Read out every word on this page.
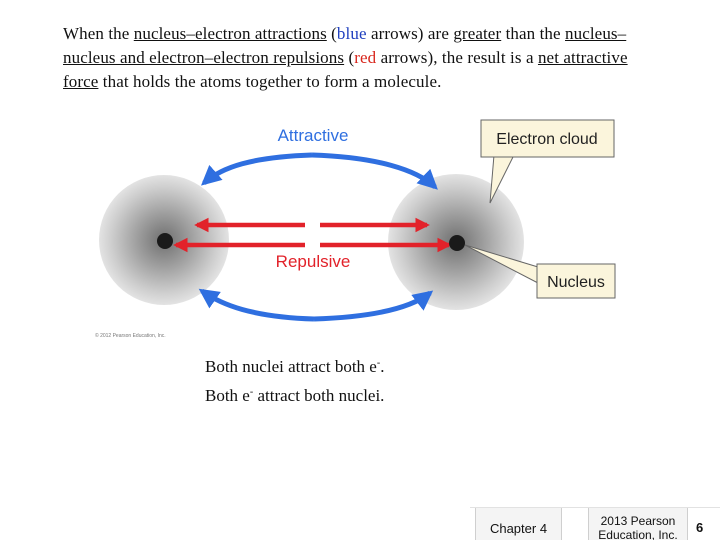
When the nucleus–electron attractions (blue arrows) are greater than the nucleus–nucleus and electron–electron repulsions (red arrows), the result is a net attractive force that holds the atoms together to form a molecule.
Attractive
Repulsive
Electron cloud
Nucleus
© 2012 Pearson Education, Inc.
Both nuclei attract both e-.
Both e- attract both nuclei.
Chapter 4	2013 Pearson Education, Inc.	6
